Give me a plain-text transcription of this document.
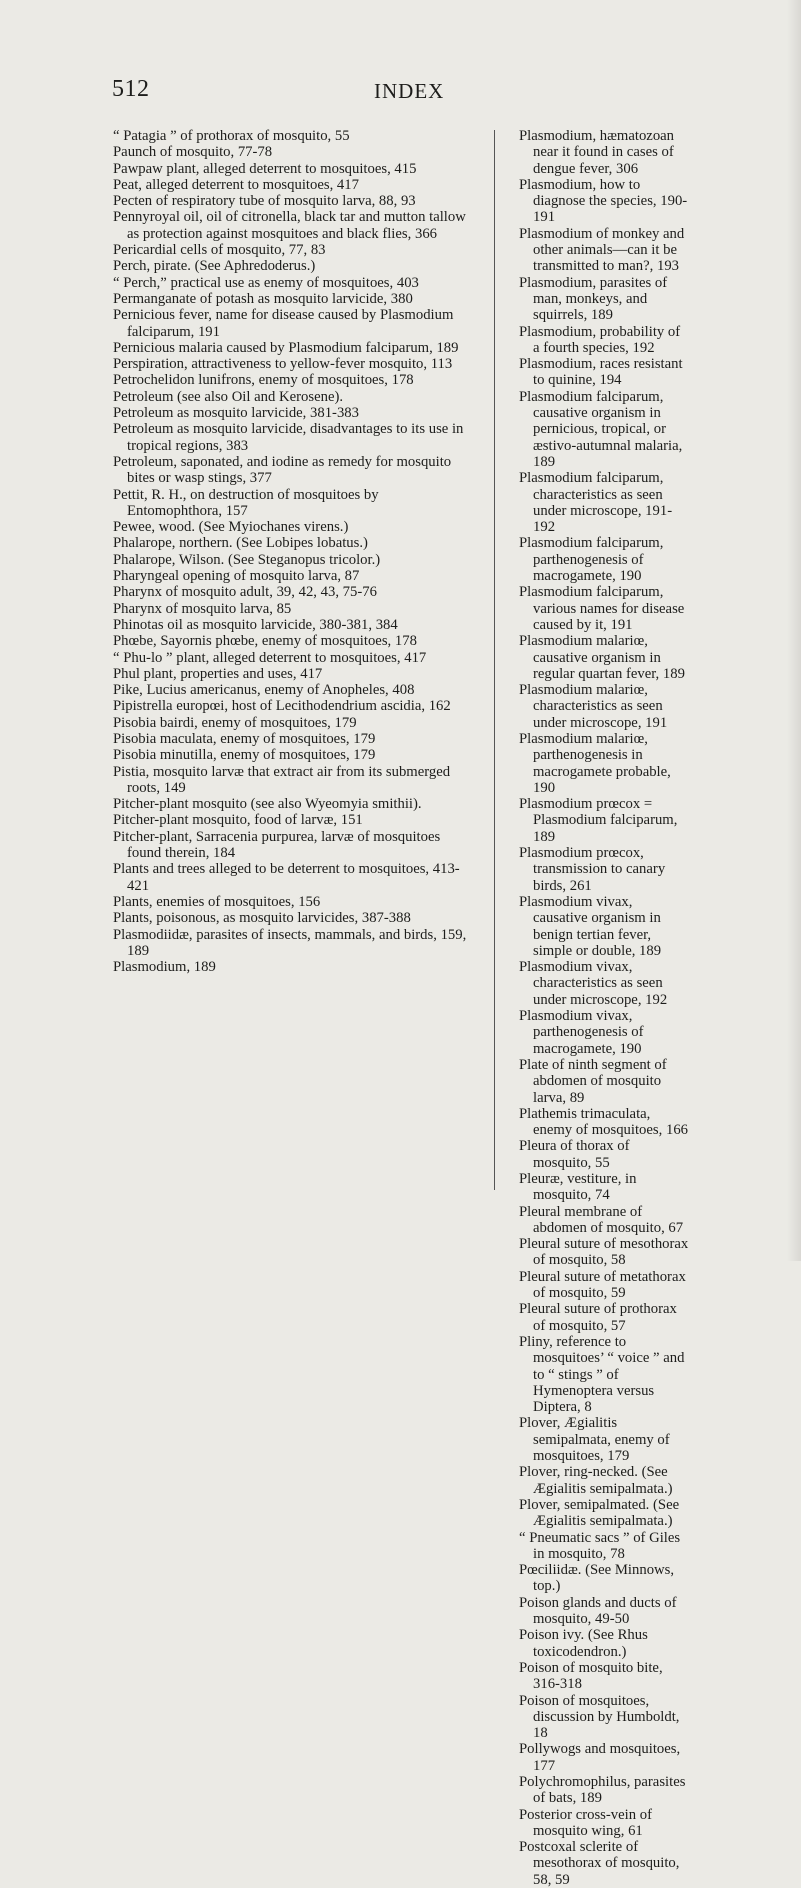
512	INDEX

“ Patagia ” of prothorax of mosquito, 55

Paunch of mosquito, 77-78

Pawpaw plant, alleged deterrent to mosquitoes, 415

Peat, alleged deterrent to mosquitoes, 417

Pecten of respiratory tube of mosquito larva, 88, 93

Pennyroyal oil, oil of citronella, black tar and mutton tallow as protection against mosquitoes and black flies, 366

Pericardial cells of mosquito, 77, 83

Perch, pirate. (See Aphredoderus.)

“ Perch,” practical use as enemy of mosquitoes, 403

Permanganate of potash as mosquito larvicide, 380

Pernicious fever, name for disease caused by Plasmodium falciparum, 191

Pernicious malaria caused by Plasmodium falciparum, 189

Perspiration, attractiveness to yellow-fever mosquito, 113

Petrochelidon lunifrons, enemy of mosquitoes, 178

Petroleum (see also Oil and Kerosene).

Petroleum as mosquito larvicide, 381-383

Petroleum as mosquito larvicide, disadvantages to its use in tropical regions, 383

Petroleum, saponated, and iodine as remedy for mosquito bites or wasp stings, 377

Pettit, R. H., on destruction of mosquitoes by Entomophthora, 157

Pewee, wood. (See Myiochanes virens.)

Phalarope, northern. (See Lobipes lobatus.)

Phalarope, Wilson. (See Steganopus tricolor.)

Pharyngeal opening of mosquito larva, 87

Pharynx of mosquito adult, 39, 42, 43, 75-76

Pharynx of mosquito larva, 85

Phinotas oil as mosquito larvicide, 380-381, 384

Phœbe, Sayornis phœbe, enemy of mosquitoes, 178

“ Phu-lo ” plant, alleged deterrent to mosquitoes, 417

Phul plant, properties and uses, 417

Pike, Lucius americanus, enemy of Anopheles, 408

Pipistrella europœi, host of Lecithodendrium ascidia, 162

Pisobia bairdi, enemy of mosquitoes, 179

Pisobia maculata, enemy of mosquitoes, 179

Pisobia minutilla, enemy of mosquitoes, 179

Pistia, mosquito larvæ that extract air from its submerged roots, 149

Pitcher-plant mosquito (see also Wyeomyia smithii).

Pitcher-plant mosquito, food of larvæ, 151

Pitcher-plant, Sarracenia purpurea, larvæ of mosquitoes found therein, 184

Plants and trees alleged to be deterrent to mosquitoes, 413-421

Plants, enemies of mosquitoes, 156

Plants, poisonous, as mosquito larvicides, 387-388

Plasmodiidæ, parasites of insects, mammals, and birds, 159, 189

Plasmodium, 189

Plasmodium, hæmatozoan near it found in cases of dengue fever, 306

Plasmodium, how to diagnose the species, 190-191

Plasmodium of monkey and other animals—can it be transmitted to man?, 193

Plasmodium, parasites of man, monkeys, and squirrels, 189

Plasmodium, probability of a fourth species, 192

Plasmodium, races resistant to quinine, 194

Plasmodium falciparum, causative organism in pernicious, tropical, or æstivo-autumnal malaria, 189

Plasmodium falciparum, characteristics as seen under microscope, 191-192

Plasmodium falciparum, parthenogenesis of macrogamete, 190

Plasmodium falciparum, various names for disease caused by it, 191

Plasmodium malariœ, causative organism in regular quartan fever, 189

Plasmodium malariœ, characteristics as seen under microscope, 191

Plasmodium malariœ, parthenogenesis in macrogamete probable, 190

Plasmodium prœcox = Plasmodium falciparum, 189

Plasmodium prœcox, transmission to canary birds, 261

Plasmodium vivax, causative organism in benign tertian fever, simple or double, 189

Plasmodium vivax, characteristics as seen under microscope, 192

Plasmodium vivax, parthenogenesis of macrogamete, 190

Plate of ninth segment of abdomen of mosquito larva, 89

Plathemis trimaculata, enemy of mosquitoes, 166

Pleura of thorax of mosquito, 55

Pleuræ, vestiture, in mosquito, 74

Pleural membrane of abdomen of mosquito, 67

Pleural suture of mesothorax of mosquito, 58

Pleural suture of metathorax of mosquito, 59

Pleural suture of prothorax of mosquito, 57

Pliny, reference to mosquitoes’ “ voice ” and to “ stings ” of Hymenoptera versus Diptera, 8

Plover, Ægialitis semipalmata, enemy of mosquitoes, 179

Plover, ring-necked. (See Ægialitis semipalmata.)

Plover, semipalmated. (See Ægialitis semipalmata.)

“ Pneumatic sacs ” of Giles in mosquito, 78

Pœciliidæ. (See Minnows, top.)

Poison glands and ducts of mosquito, 49-50

Poison ivy. (See Rhus toxicodendron.)

Poison of mosquito bite, 316-318

Poison of mosquitoes, discussion by Humboldt, 18

Pollywogs and mosquitoes, 177

Polychromophilus, parasites of bats, 189

Posterior cross-vein of mosquito wing, 61

Postcoxal sclerite of mesothorax of mosquito, 58, 59
